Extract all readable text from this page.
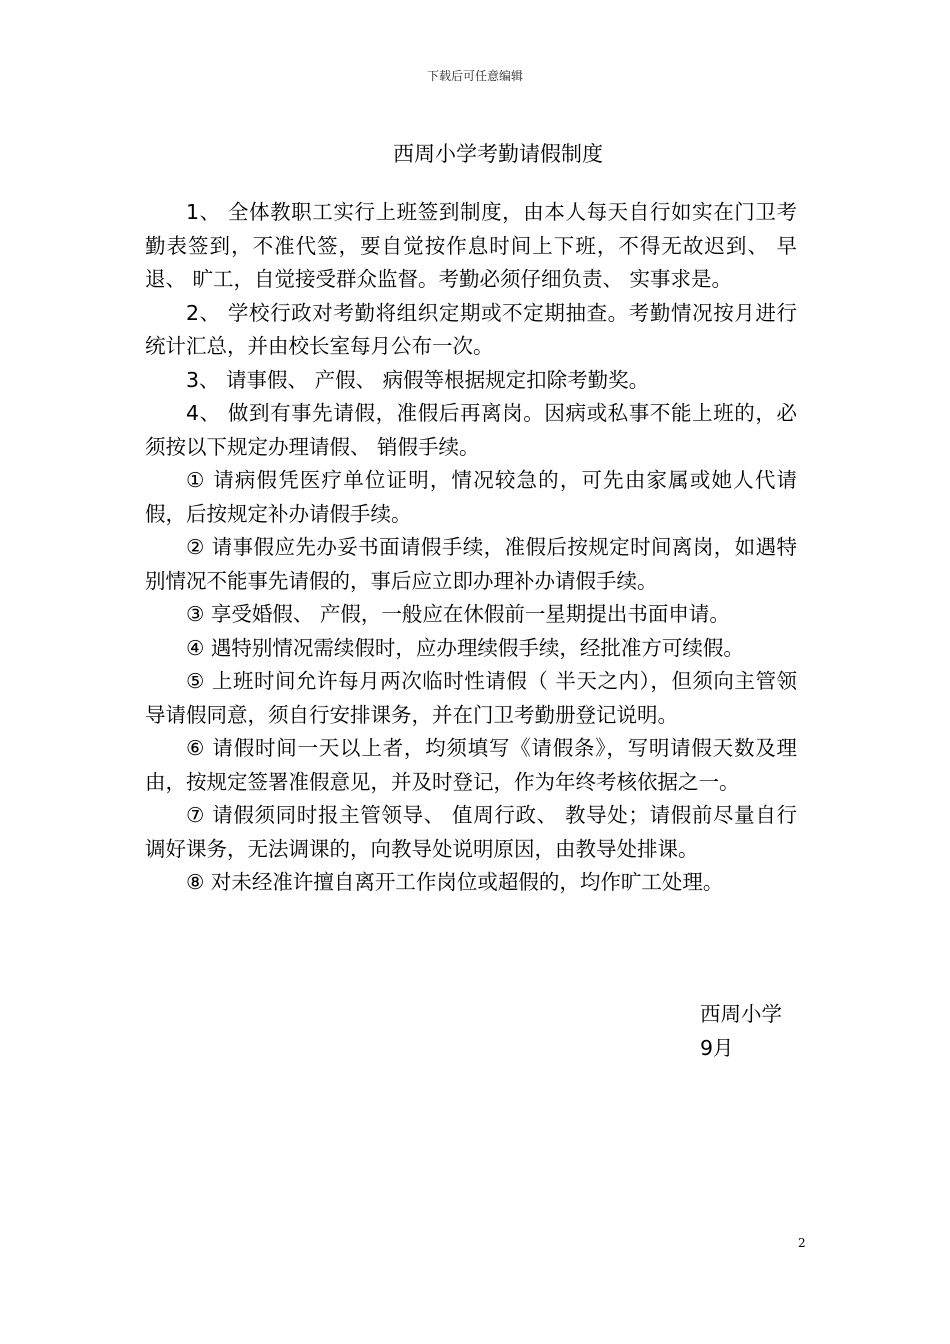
下载后可任意编辑
西周小学考勤请假制度

1、 全体教职工实行上班签到制度，由本人每天自行如实在门卫考勤表签到，不准代签，要自觉按作息时间上下班，不得无故迟到、 早退、 旷工，自觉接受群众监督。考勤必须仔细负责、 实事求是。

2、 学校行政对考勤将组织定期或不定期抽查。考勤情况按月进行统计汇总，并由校长室每月公布一次。

3、 请事假、 产假、 病假等根据规定扣除考勤奖。

4、 做到有事先请假，准假后再离岗。因病或私事不能上班的，必须按以下规定办理请假、 销假手续。

① 请病假凭医疗单位证明，情况较急的，可先由家属或她人代请假，后按规定补办请假手续。

② 请事假应先办妥书面请假手续，准假后按规定时间离岗，如遇特别情况不能事先请假的，事后应立即办理补办请假手续。

③ 享受婚假、 产假，一般应在休假前一星期提出书面申请。

④ 遇特别情况需续假时，应办理续假手续，经批准方可续假。

⑤ 上班时间允许每月两次临时性请假（ 半天之内），但须向主管领导请假同意，须自行安排课务，并在门卫考勤册登记说明。

⑥ 请假时间一天以上者，均须填写《请假条》，写明请假天数及理由，按规定签署准假意见，并及时登记，作为年终考核依据之一。

⑦ 请假须同时报主管领导、 值周行政、 教导处；请假前尽量自行调好课务，无法调课的，向教导处说明原因，由教导处排课。

⑧ 对未经准许擅自离开工作岗位或超假的，均作旷工处理。

西周小学
9月
2
